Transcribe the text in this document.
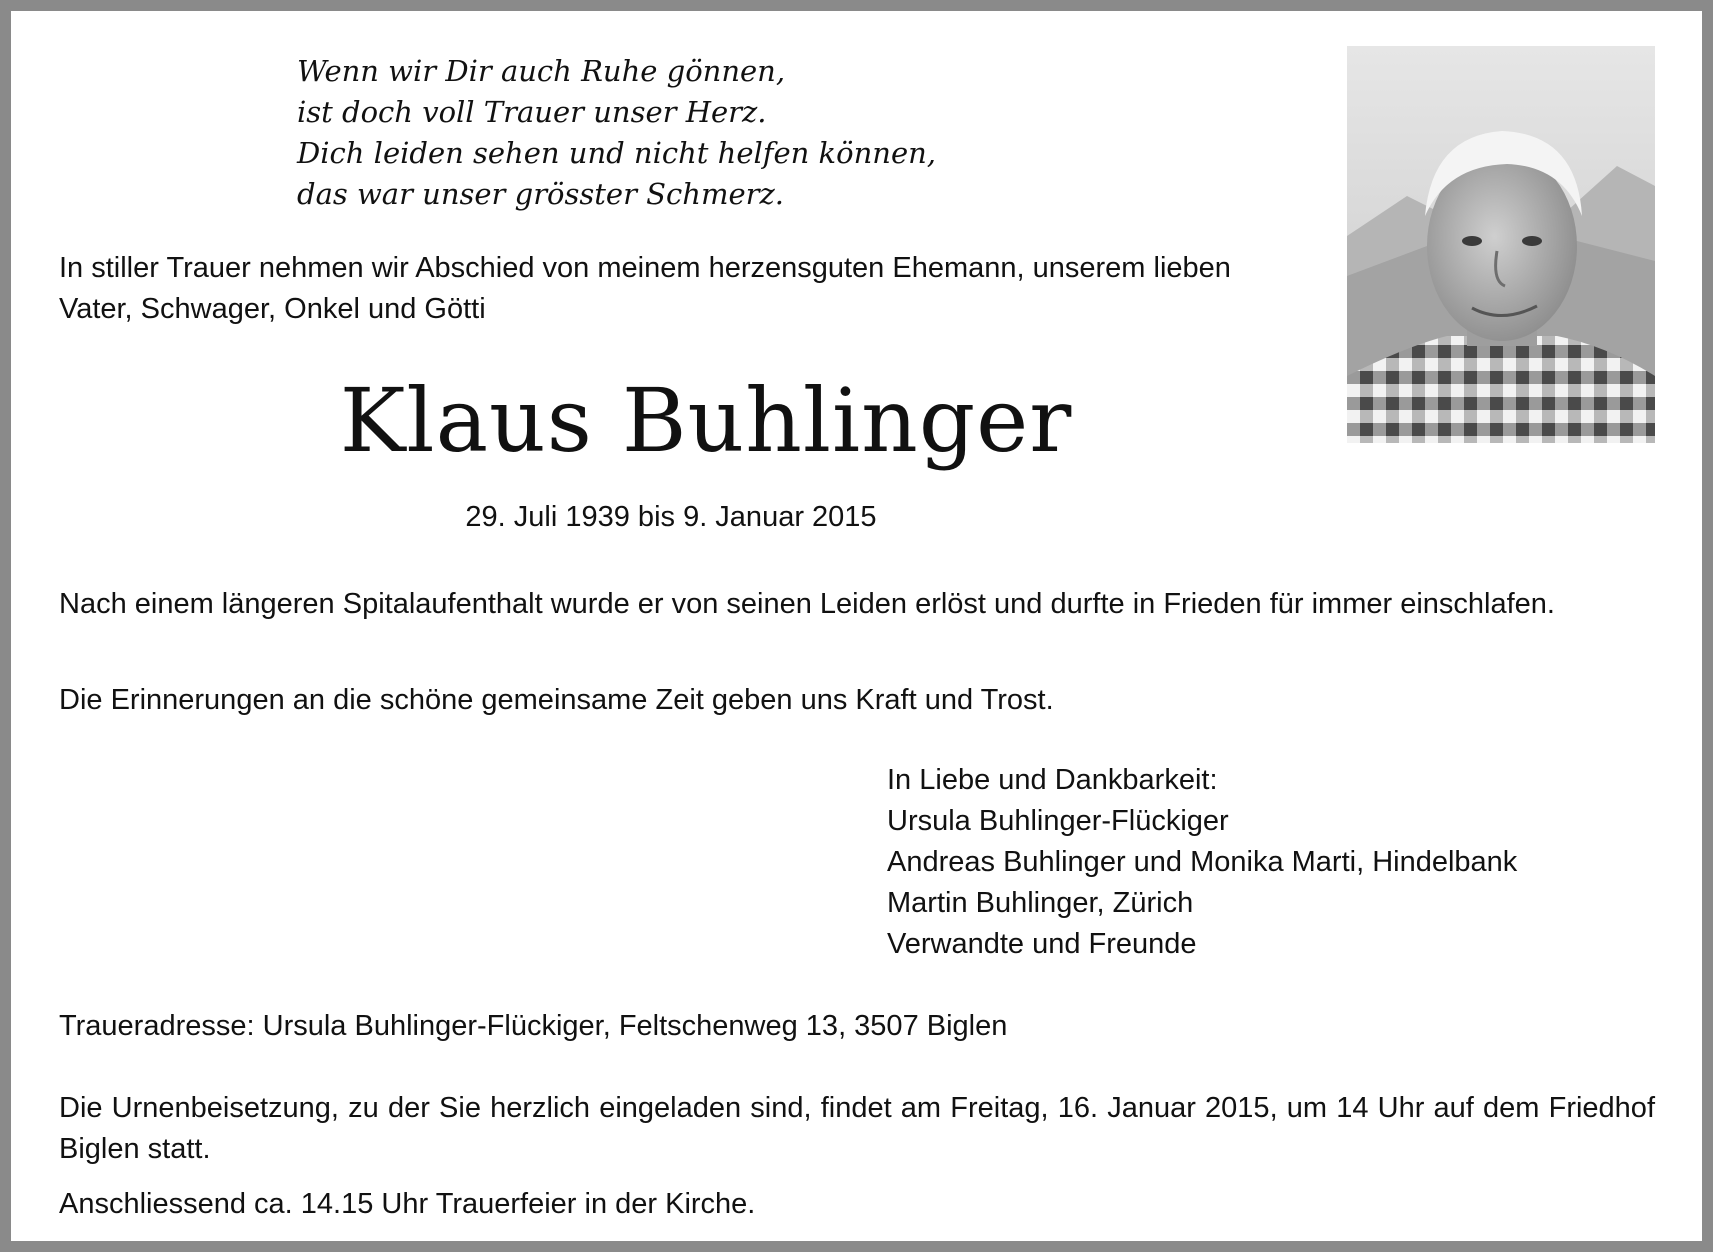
Wenn wir Dir auch Ruhe gönnen,
ist doch voll Trauer unser Herz.
Dich leiden sehen und nicht helfen können,
das war unser grösster Schmerz.
In stiller Trauer nehmen wir Abschied von meinem herzensguten Ehemann, unserem lieben Vater, Schwager, Onkel und Götti
Klaus Buhlinger
29. Juli 1939 bis 9. Januar 2015
Nach einem längeren Spitalaufenthalt wurde er von seinen Leiden erlöst und durfte in Frieden für immer einschlafen.
Die Erinnerungen an die schöne gemeinsame Zeit geben uns Kraft und Trost.
In Liebe und Dankbarkeit:
Ursula Buhlinger-Flückiger
Andreas Buhlinger und Monika Marti, Hindelbank
Martin Buhlinger, Zürich
Verwandte und Freunde
Traueradresse: Ursula Buhlinger-Flückiger, Feltschenweg 13, 3507 Biglen
Die Urnenbeisetzung, zu der Sie herzlich eingeladen sind, findet am Freitag, 16. Januar 2015, um 14 Uhr auf dem Friedhof Biglen statt.
Anschliessend ca. 14.15 Uhr Trauerfeier in der Kirche.
